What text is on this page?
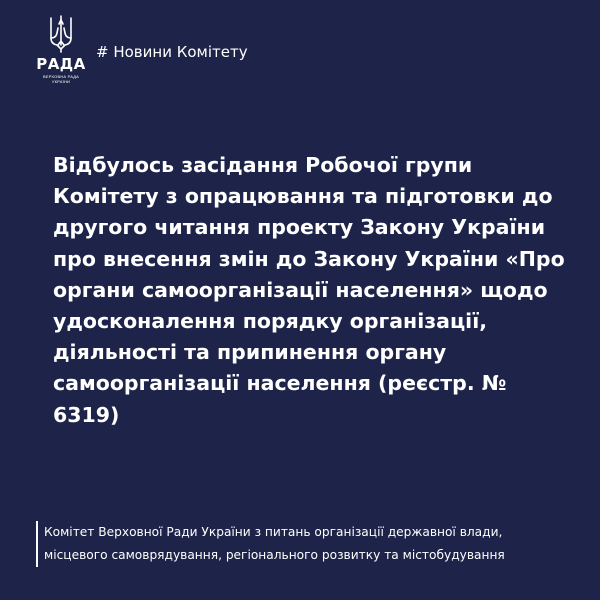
РАДА
ВЕРХОВНА РАДА
УКРАЇНИ
# Новини Комітету
Відбулось засідання Робочої групи Комітету з опрацювання та підготовки до другого читання проекту Закону України про внесення змін до Закону України «Про органи самоорганізації населення» щодо удосконалення порядку організації, діяльності та припинення органу самоорганізації населення (реєстр. № 6319)
Комітет Верховної Ради України з питань організації державної влади,
місцевого самоврядування, регіонального розвитку та містобудування
